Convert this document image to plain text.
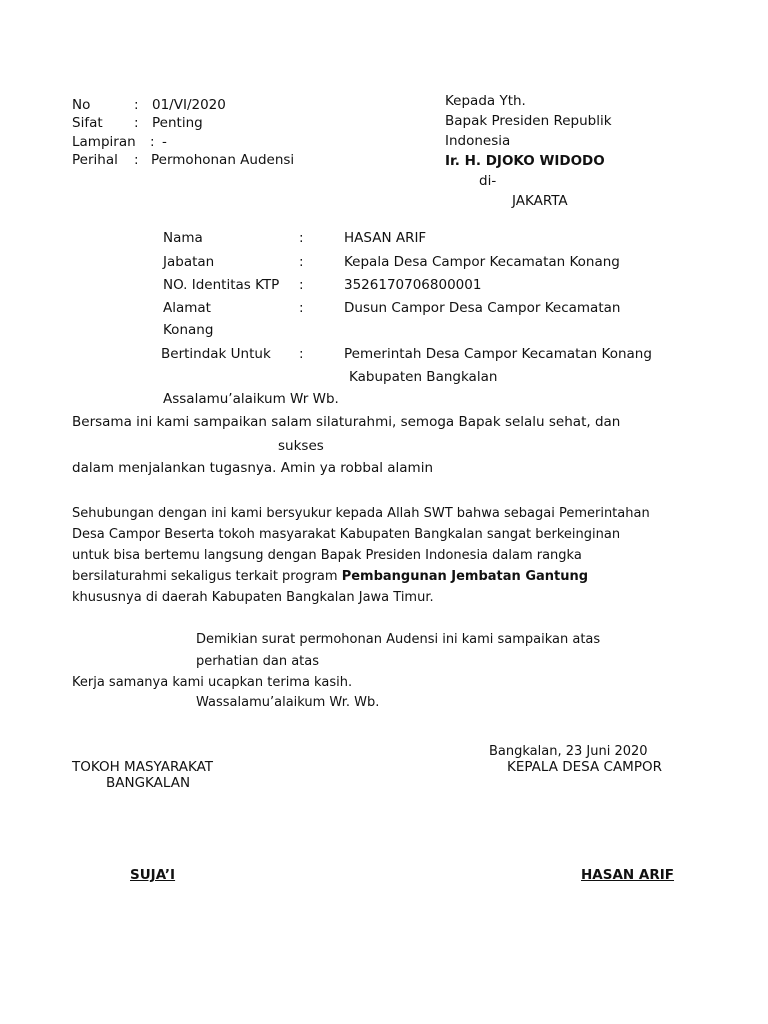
No	: 01/VI/2020
Sifat : Penting
Lampiran : -
Perihal : Permohonan Audensi
Kepada Yth.
Bapak Presiden Republik
Indonesia
Ir. H. DJOKO WIDODO
di-
JAKARTA
Nama	:	HASAN ARIF
Jabatan	:	Kepala Desa Campor Kecamatan Konang
NO. Identitas KTP :	3526170706800001
Alamat	:	Dusun Campor Desa Campor Kecamatan
Konang
Bertindak Untuk :	Pemerintah Desa Campor Kecamatan Konang
Kabupaten Bangkalan
Assalamu’alaikum Wr Wb.
Bersama ini kami sampaikan salam silaturahmi, semoga Bapak selalu sehat, dan
sukses
dalam menjalankan tugasnya. Amin ya robbal alamin
Sehubungan dengan ini kami bersyukur kepada Allah SWT bahwa sebagai Pemerintahan
Desa Campor Beserta tokoh masyarakat Kabupaten Bangkalan sangat berkeinginan
untuk bisa bertemu langsung dengan Bapak Presiden Indonesia dalam rangka
bersilaturahmi sekaligus terkait program Pembangunan Jembatan Gantung
khususnya di daerah Kabupaten Bangkalan Jawa Timur.
Demikian surat permohonan Audensi ini kami sampaikan atas
perhatian dan atas
Kerja samanya kami ucapkan terima kasih.
Wassalamu’alaikum Wr. Wb.
Bangkalan, 23 Juni 2020
TOKOH MASYARAKAT
BANGKALAN
KEPALA DESA CAMPOR
SUJA’I	HASAN ARIF
